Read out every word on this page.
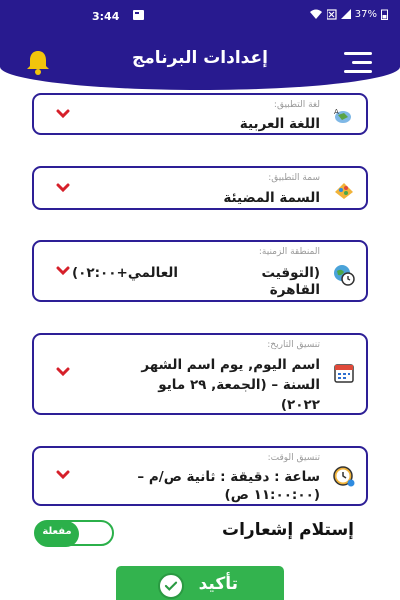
3:44	37%
إعدادات البرنامج
لغة التطبيق:
اللغة العربية
A
سمة التطبيق:
السمة المضيئة
المنطقة الزمنية:
(التوقيت العالمي+٠٢:٠٠)
القاهرة
تنسيق التاريخ:
اسم اليوم, يوم اسم الشهر
السنة – (الجمعة, ٢٩ مايو
٢٠٢٢)
تنسيق الوقت:
ساعة : دقيقة : ثانية ص/م –
(١١:٠٠:٠٠ ص)
إستلام إشعارات
مفعلة
تأكيد
